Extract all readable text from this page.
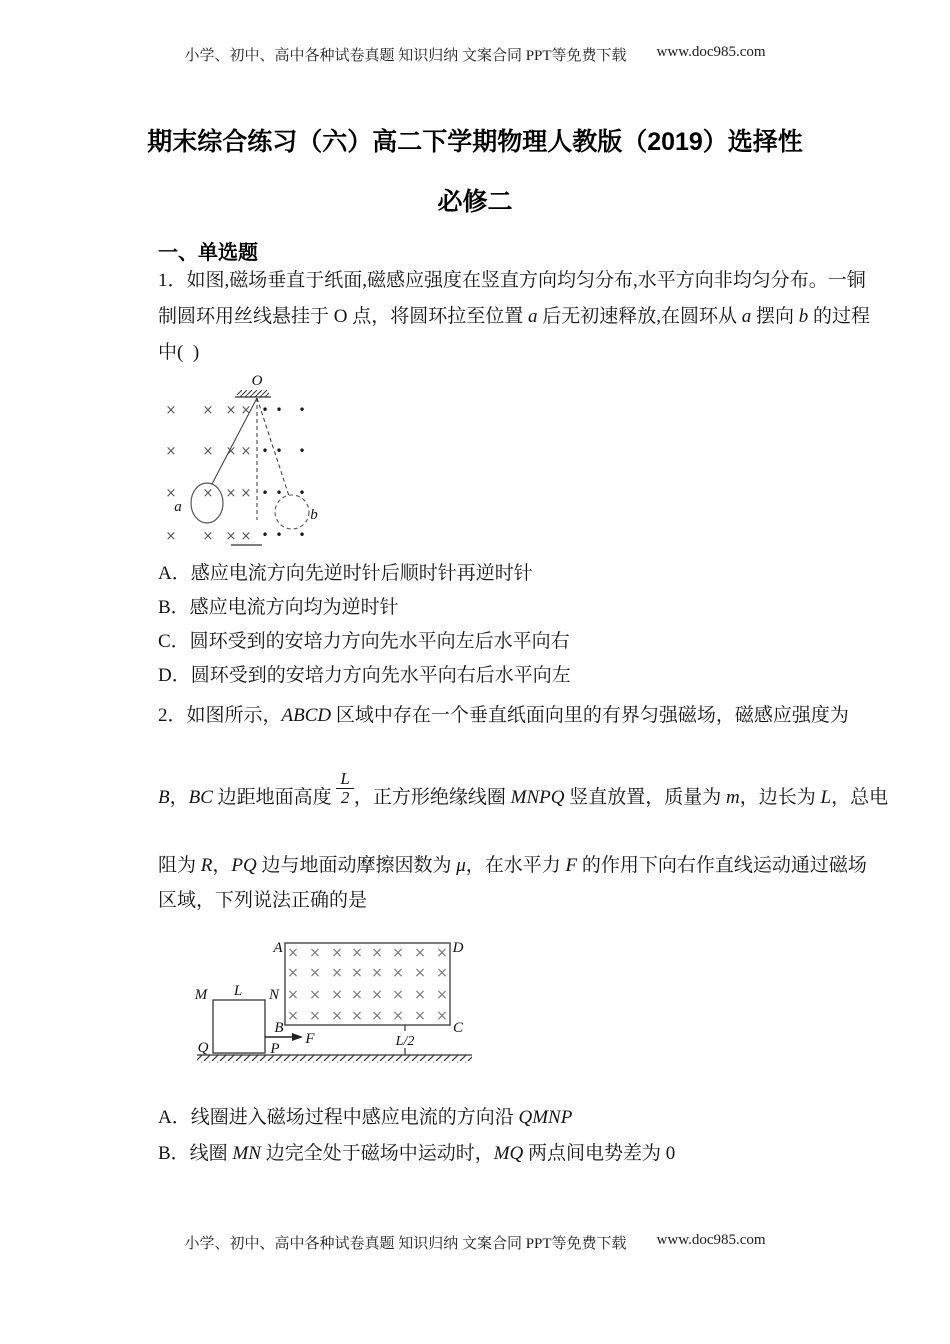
小学、初中、高中各种试卷真题 知识归纳 文案合同 PPT等免费下载 www.doc985.com
期末综合练习（六）高二下学期物理人教版（2019）选择性
必修二
一、单选题
1．如图,磁场垂直于纸面,磁感应强度在竖直方向均匀分布,水平方向非均匀分布。一铜
制圆环用丝线悬挂于 O 点，将圆环拉至位置 a 后无初速释放,在圆环从 a 摆向 b 的过程
中(  )
O
a	b
××××
××××
××××
××××
•••
•••
•••
•••
A．感应电流方向先逆时针后顺时针再逆时针
B．感应电流方向均为逆时针
C．圆环受到的安培力方向先水平向左后水平向右
D．圆环受到的安培力方向先水平向右后水平向左
2．如图所示，ABCD 区域中存在一个垂直纸面向里的有界匀强磁场，磁感应强度为
B，BC 边距地面高度 $\frac{L}{2}$ ，正方形绝缘线圈 MNPQ 竖直放置，质量为 m，边长为 L，总电
阻为 R，PQ 边与地面动摩擦因数为 μ，在水平力 F 的作用下向右作直线运动通过磁场
区域，下列说法正确的是
M L N
Q	P
A	D
B	C
××××××××
××××××××
××××××××
××××××××
F	L/2
A．线圈进入磁场过程中感应电流的方向沿 QMNP
B．线圈 MN 边完全处于磁场中运动时，MQ 两点间电势差为 0
小学、初中、高中各种试卷真题 知识归纳 文案合同 PPT等免费下载 www.doc985.com
